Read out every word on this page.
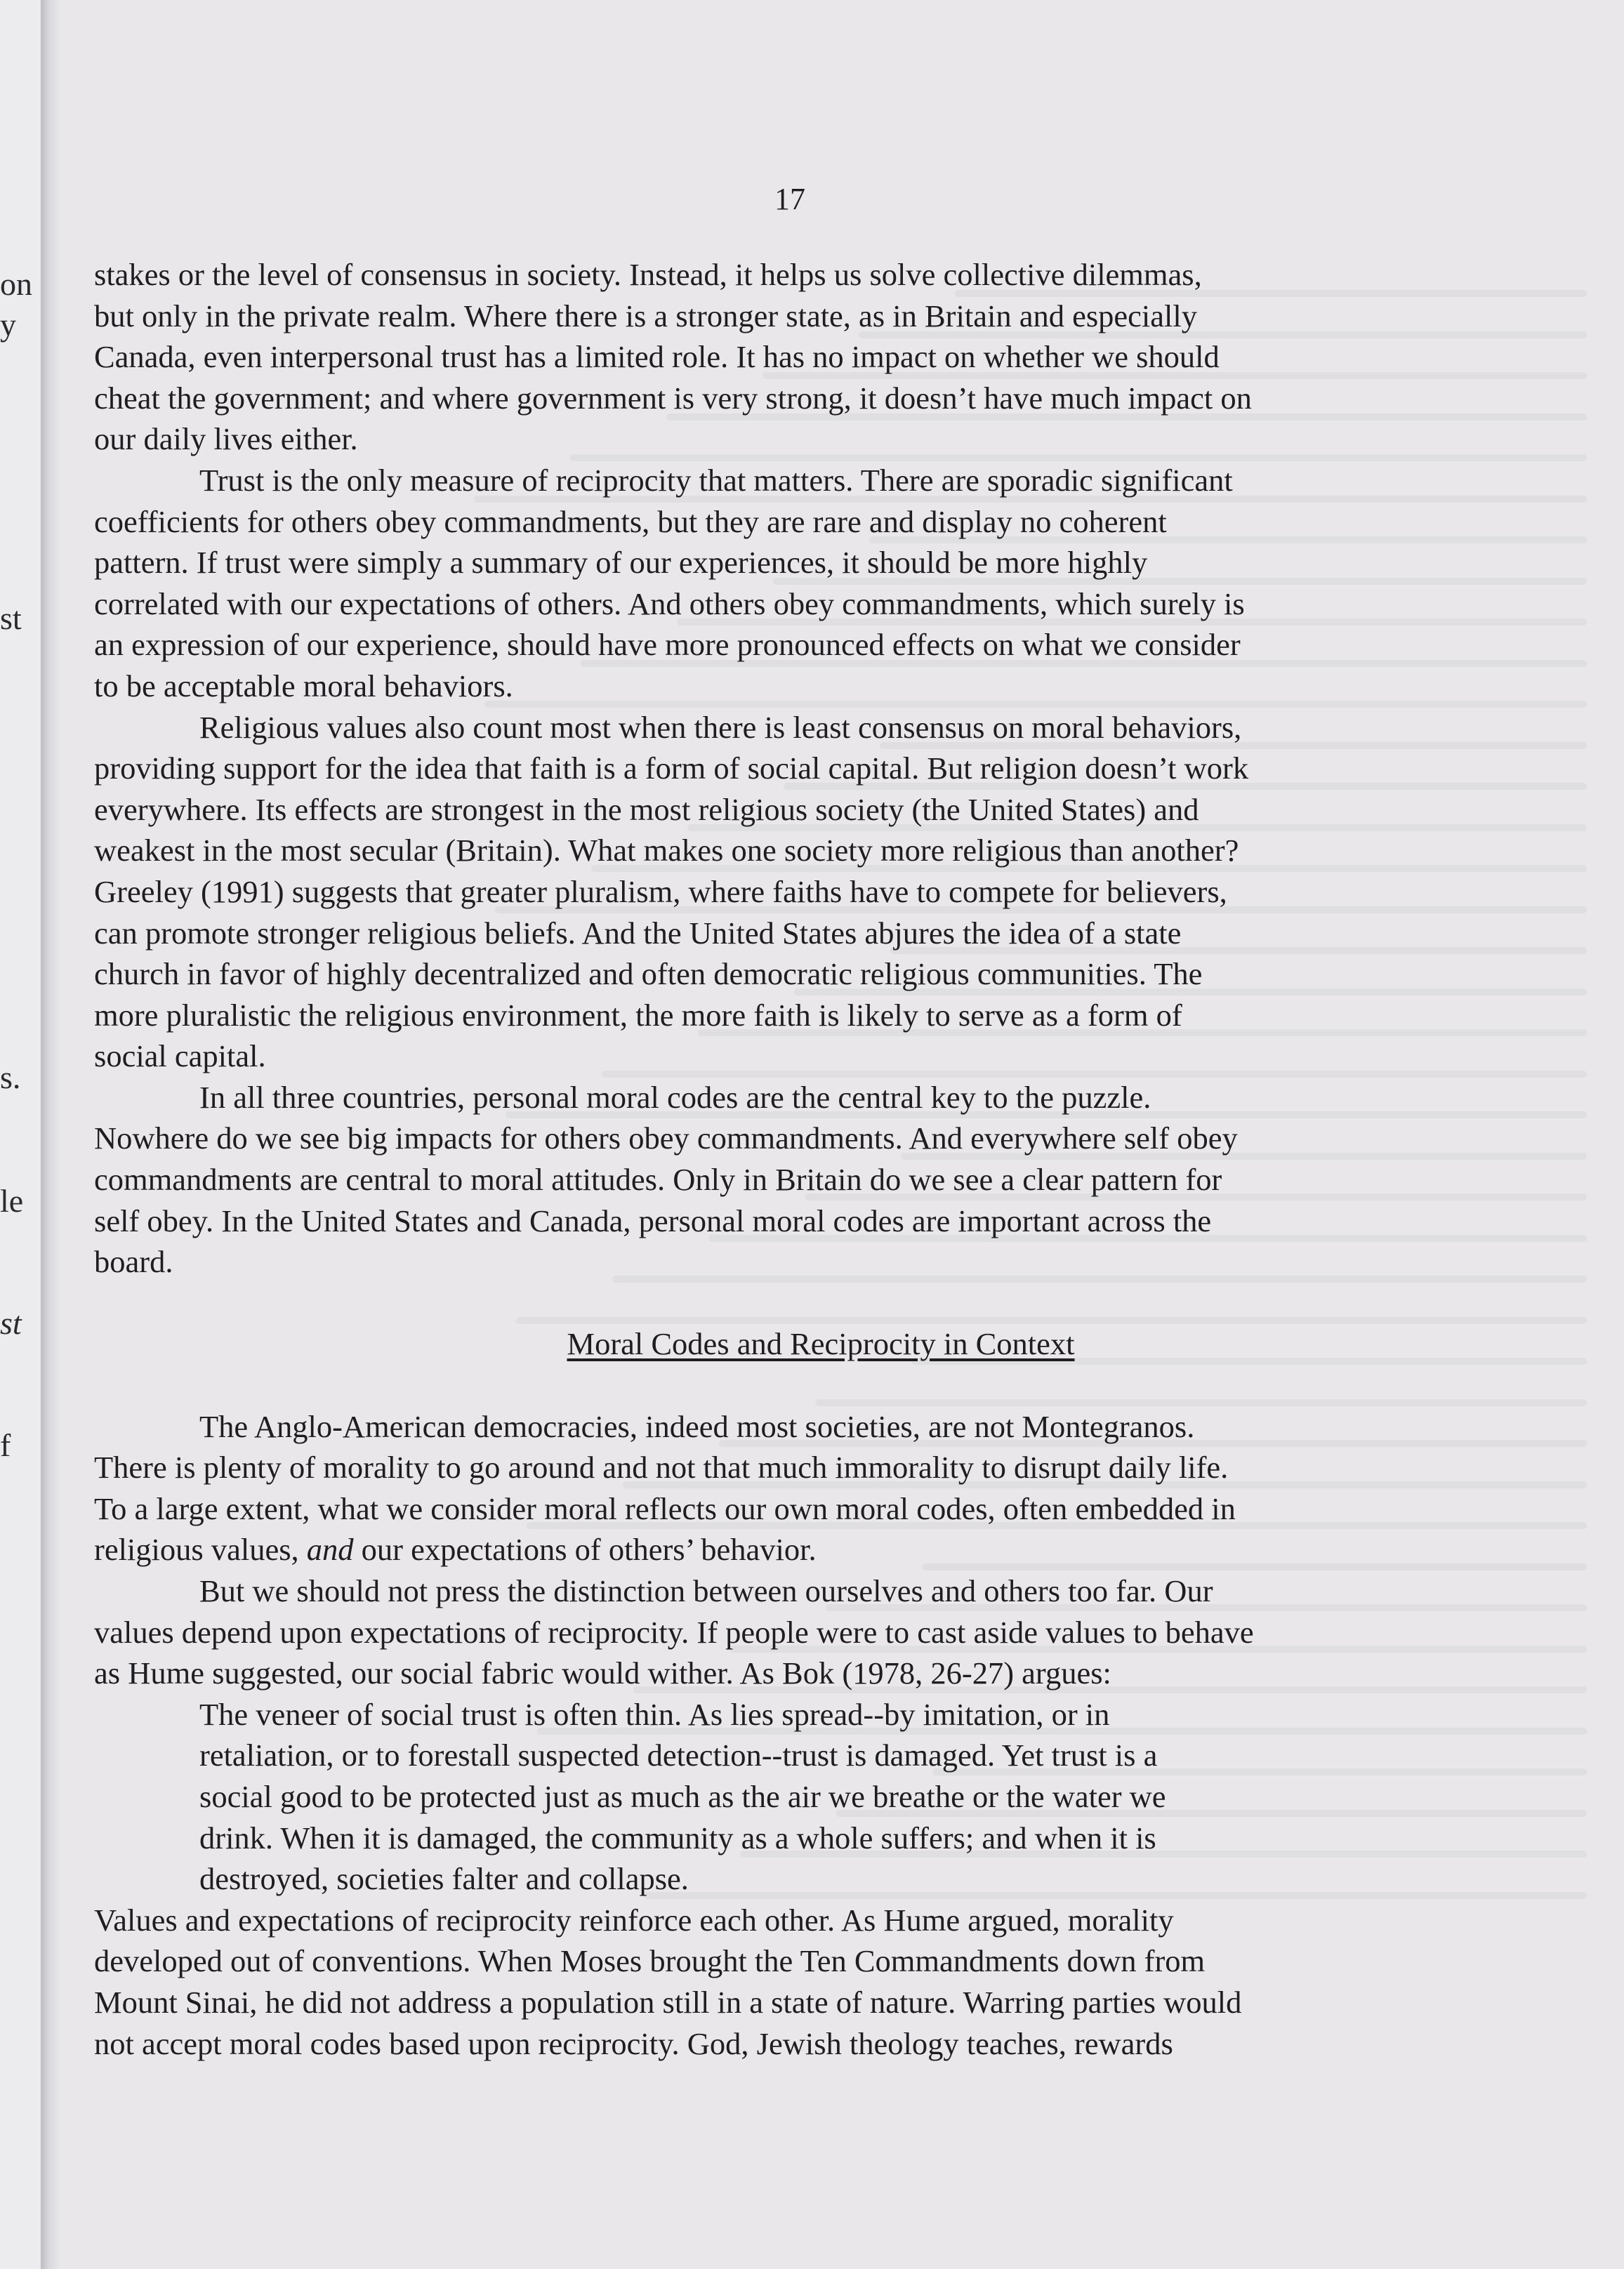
on
y
st
s.
le
st
f
17
stakes or the level of consensus in society. Instead, it helps us solve collective dilemmas,
but only in the private realm. Where there is a stronger state, as in Britain and especially
Canada, even interpersonal trust has a limited role. It has no impact on whether we should
cheat the government; and where government is very strong, it doesn’t have much impact on
our daily lives either.
Trust is the only measure of reciprocity that matters. There are sporadic significant
coefficients for others obey commandments, but they are rare and display no coherent
pattern. If trust were simply a summary of our experiences, it should be more highly
correlated with our expectations of others. And others obey commandments, which surely is
an expression of our experience, should have more pronounced effects on what we consider
to be acceptable moral behaviors.
Religious values also count most when there is least consensus on moral behaviors,
providing support for the idea that faith is a form of social capital. But religion doesn’t work
everywhere. Its effects are strongest in the most religious society (the United States) and
weakest in the most secular (Britain). What makes one society more religious than another?
Greeley (1991) suggests that greater pluralism, where faiths have to compete for believers,
can promote stronger religious beliefs. And the United States abjures the idea of a state
church in favor of highly decentralized and often democratic religious communities. The
more pluralistic the religious environment, the more faith is likely to serve as a form of
social capital.
In all three countries, personal moral codes are the central key to the puzzle.
Nowhere do we see big impacts for others obey commandments. And everywhere self obey
commandments are central to moral attitudes. Only in Britain do we see a clear pattern for
self obey. In the United States and Canada, personal moral codes are important across the
board.
Moral Codes and Reciprocity in Context
The Anglo-American democracies, indeed most societies, are not Montegranos.
There is plenty of morality to go around and not that much immorality to disrupt daily life.
To a large extent, what we consider moral reflects our own moral codes, often embedded in
religious values, and our expectations of others’ behavior.
But we should not press the distinction between ourselves and others too far. Our
values depend upon expectations of reciprocity. If people were to cast aside values to behave
as Hume suggested, our social fabric would wither. As Bok (1978, 26-27) argues:
The veneer of social trust is often thin. As lies spread--by imitation, or in
retaliation, or to forestall suspected detection--trust is damaged. Yet trust is a
social good to be protected just as much as the air we breathe or the water we
drink. When it is damaged, the community as a whole suffers; and when it is
destroyed, societies falter and collapse.
Values and expectations of reciprocity reinforce each other. As Hume argued, morality
developed out of conventions. When Moses brought the Ten Commandments down from
Mount Sinai, he did not address a population still in a state of nature. Warring parties would
not accept moral codes based upon reciprocity. God, Jewish theology teaches, rewards
